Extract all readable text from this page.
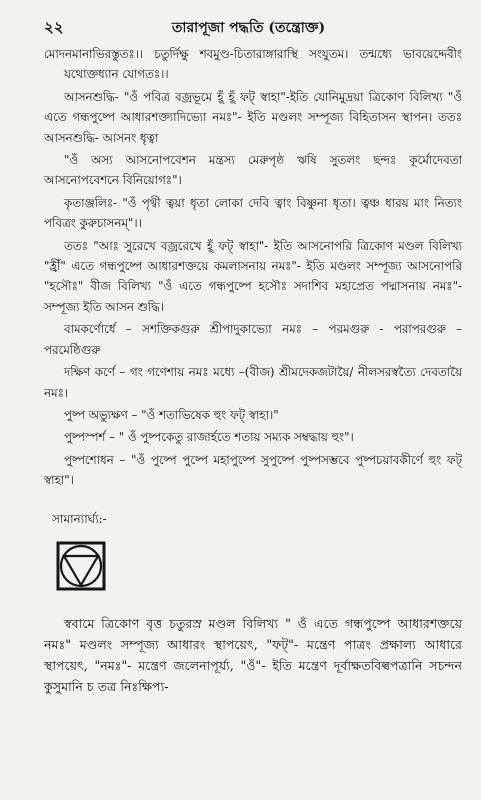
২২	তারাপূজা পদ্ধতি (তন্ত্রোক্ত)

মোদনমানাভিরস্তুতঃ।। চতুর্দিক্ষু শবমুণ্ড-চিতারাঙ্গারাস্থি সংযুতম। তন্মধ্যে ভাবয়েদ্দেবীং যথোক্তধ্যান যোগতঃ।।

আসনশুদ্ধি- "ওঁ পবিত্র বজ্রভূমে হূঁ হূঁ ফট্ স্বাহা"-ইতি যোনিমুদ্রয়া ত্রিকোণ বিলিখ্য "ওঁ এতে গন্ধপুষ্পে আধারশক্ত্যাদিভ্যো নমঃ"- ইতি মণ্ডলং সম্পূজ্য বিহিতাসন স্থাপন। ততঃ আসনশুদ্ধি- আসনং ধৃত্বা

"ওঁ অস্য আসনোপবেশন মন্ত্রস্য মেরুপৃষ্ঠ ঋষি সুতলং ছন্দঃ কূর্মোদেবতা আসনোপবেশনে বিনিয়োগঃ"।

কৃতাঞ্জলিঃ- "ওঁ পৃথ্বী ত্বয়া ধৃতা লোকা দেবি ত্বাং বিষ্ণুনা ধৃতা। ত্বঞ্চ ধারয় মাং নিত্যং পবিত্রং কুরুচাসনম্"।।

ততঃ "আঃ সুরেখে বজ্ররেখে হূঁ ফট্ স্বাহা"- ইতি আসনোপরি ত্রিকোণ মণ্ডল বিলিখ্য "হ্রীঁ" এতে গন্ধপুষ্পে আধারশক্তয়ে কমলাসনায় নমঃ"- ইতি মণ্ডলং সম্পূজ্য আসনোপরি "হসৌঃ" বীজ বিলিখ্য "ওঁ এতে গন্ধপুষ্পে হসৌঃ সদাশিব মহাপ্রেত পদ্মাসনায় নমঃ"- সম্পূজ্য ইতি আসন শুদ্ধি।

বামকর্ণোর্ধে – সশক্তিকগুরু শ্রীপাদুকাভ্যো নমঃ – পরমগুরু - পরাপরগুরু – পরমেষ্ঠিগুরু

দক্ষিণ কর্ণে – গং গণেশায় নমঃ মধ্যে –(বীজ) শ্রীমদেকজটায়ৈ/ নীলসরস্বত্যৈ দেবতায়ৈ নমঃ।

পুষ্প অভ্যুক্ষণ – "ওঁ শতাভিষেক হুং ফট্ স্বাহা।"

পুষ্পস্পর্শ – " ওঁ পুষ্পকেতু রাজার্হতে শতায় সম্যক সম্বদ্ধায় হুং"।

পুষ্পশোধন – "ওঁ পুষ্পে পুষ্পে মহাপুষ্পে সুপুষ্পে পুষ্পসম্ভবে পুষ্পচয়াবকীর্ণে হুং ফট্ স্বাহা"।

সামান্যার্ঘ্য:-

স্ববামে ত্রিকোণ বৃত্ত চতুরস্র মণ্ডল বিলিখ্য " ওঁ এতে গন্ধপুষ্পে আধারশক্তয়ে নমঃ" মণ্ডলং সম্পূজ্য আধারং স্থাপয়েৎ, "ফট্"- মন্ত্রেণ পাত্রং প্রক্ষাল্য আধারে স্থাপয়েৎ, "নমঃ"- মন্ত্রেণ জলেনাপূর্য্য, "ওঁ"- ইতি মন্ত্রেণ দূর্বাক্ষতবিল্বপত্রানি সচন্দন কুসুমানি চ তত্র নিঃক্ষিপ্য-
